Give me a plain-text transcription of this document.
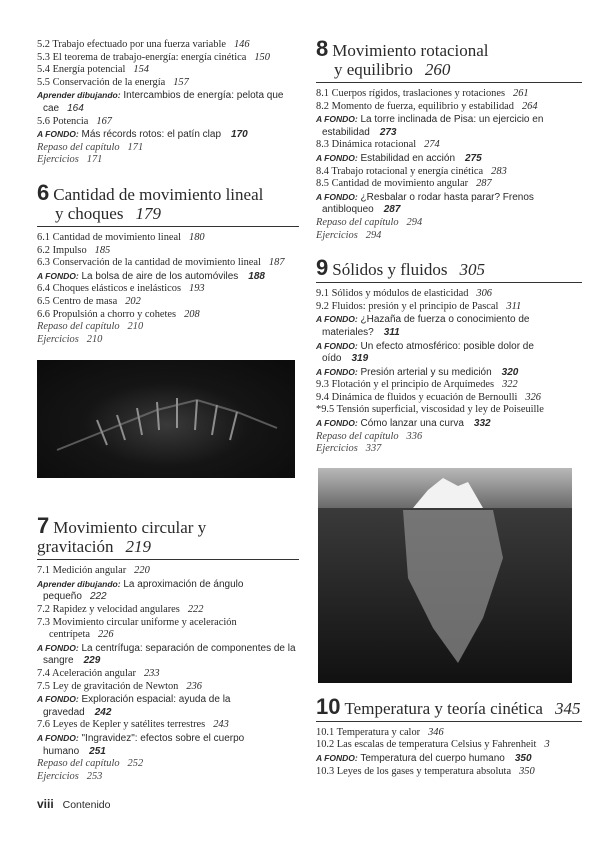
5.2 Trabajo efectuado por una fuerza variable 146
5.3 El teorema de trabajo-energía: energía cinética 150
5.4 Energía potencial 154
5.5 Conservación de la energía 157
Aprender dibujando: Intercambios de energía: pelota que cae 164
5.6 Potencia 167
A FONDO: Más récords rotos: el patín clap 170
Repaso del capítulo 171
Ejercicios 171
6 Cantidad de movimiento lineal
y choques 179
6.1 Cantidad de movimiento lineal 180
6.2 Impulso 185
6.3 Conservación de la cantidad de movimiento lineal 187
A FONDO: La bolsa de aire de los automóviles 188
6.4 Choques elásticos e inelásticos 193
6.5 Centro de masa 202
6.6 Propulsión a chorro y cohetes 208
Repaso del capítulo 210
Ejercicios 210
7 Movimiento circular y gravitación 219
7.1 Medición angular 220
Aprender dibujando: La aproximación de ángulo pequeño 222
7.2 Rapidez y velocidad angulares 222
7.3 Movimiento circular uniforme y aceleración centrípeta 226
A FONDO: La centrífuga: separación de componentes de la sangre 229
7.4 Aceleración angular 233
7.5 Ley de gravitación de Newton 236
A FONDO: Exploración espacial: ayuda de la gravedad 242
7.6 Leyes de Kepler y satélites terrestres 243
A FONDO: "Ingravidez": efectos sobre el cuerpo humano 251
Repaso del capítulo 252
Ejercicios 253
viii Contenido
8 Movimiento rotacional
y equilibrio 260
8.1 Cuerpos rígidos, traslaciones y rotaciones 261
8.2 Momento de fuerza, equilibrio y estabilidad 264
A FONDO: La torre inclinada de Pisa: un ejercicio en estabilidad 273
8.3 Dinámica rotacional 274
A FONDO: Estabilidad en acción 275
8.4 Trabajo rotacional y energía cinética 283
8.5 Cantidad de movimiento angular 287
A FONDO: ¿Resbalar o rodar hasta parar? Frenos antibloqueo 287
Repaso del capítulo 294
Ejercicios 294
9 Sólidos y fluidos 305
9.1 Sólidos y módulos de elasticidad 306
9.2 Fluidos: presión y el principio de Pascal 311
A FONDO: ¿Hazaña de fuerza o conocimiento de materiales? 311
A FONDO: Un efecto atmosférico: posible dolor de oído 319
A FONDO: Presión arterial y su medición 320
9.3 Flotación y el principio de Arquímedes 322
9.4 Dinámica de fluidos y ecuación de Bernoulli 326
*9.5 Tensión superficial, viscosidad y ley de Poiseuille
A FONDO: Cómo lanzar una curva 332
Repaso del capítulo 336
Ejercicios 337
10 Temperatura y teoría cinética 345
10.1 Temperatura y calor 346
10.2 Las escalas de temperatura Celsius y Fahrenheit 3
A FONDO: Temperatura del cuerpo humano 350
10.3 Leyes de los gases y temperatura absoluta 350
